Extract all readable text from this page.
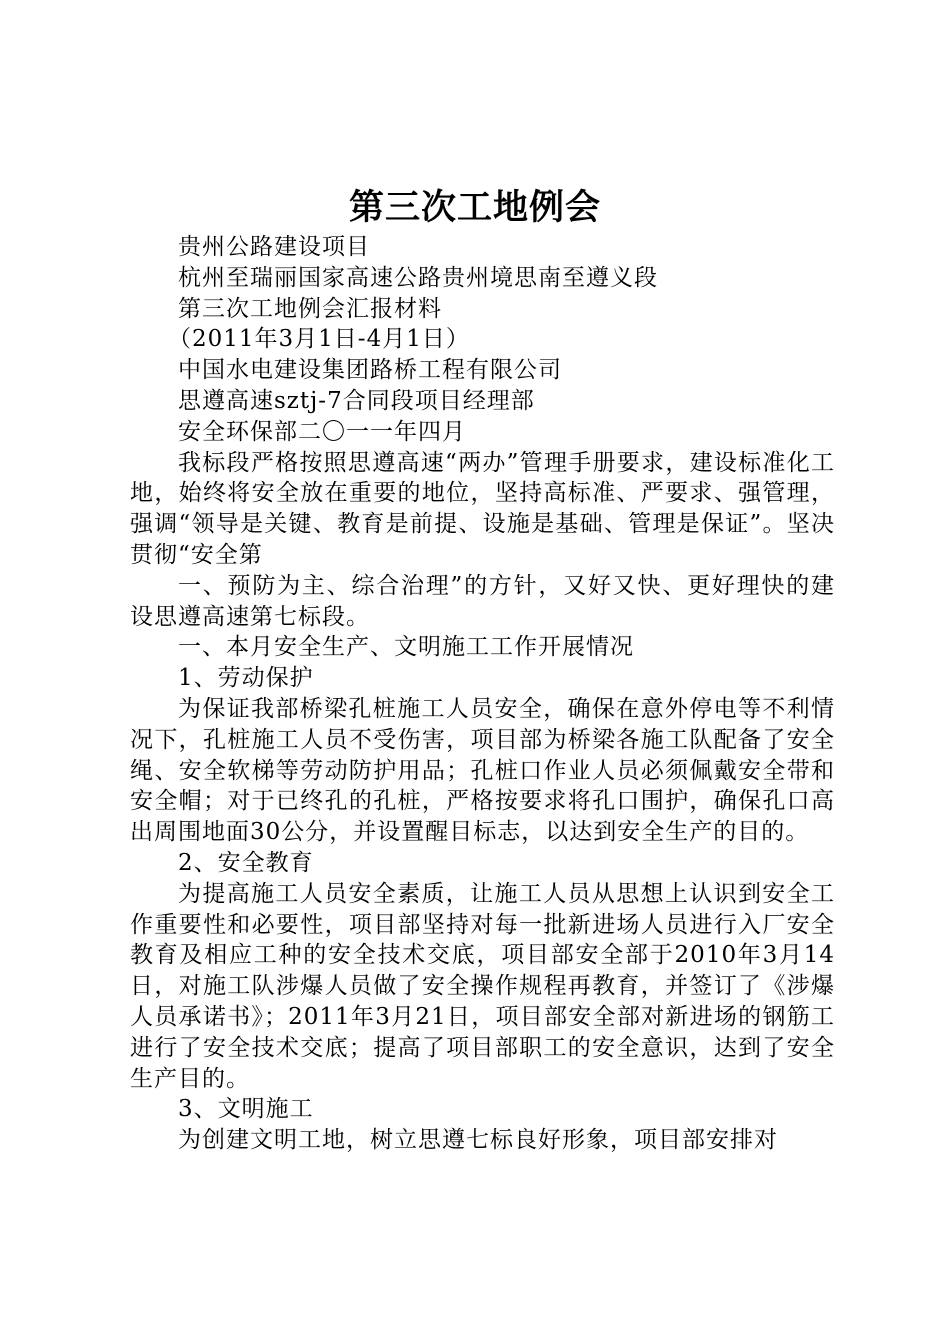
第三次工地例会

贵州公路建设项目

杭州至瑞丽国家高速公路贵州境思南至遵义段

第三次工地例会汇报材料

（2011年3月1日-4月1日）

中国水电建设集团路桥工程有限公司

思遵高速sztj-7合同段项目经理部

安全环保部二〇一一年四月

我标段严格按照思遵高速“两办”管理手册要求，建设标准化工地，始终将安全放在重要的地位，坚持高标准、严要求、强管理，强调“领导是关键、教育是前提、设施是基础、管理是保证”。坚决贯彻“安全第

一、预防为主、综合治理”的方针，又好又快、更好理快的建设思遵高速第七标段。

一、本月安全生产、文明施工工作开展情况

1、劳动保护

为保证我部桥梁孔桩施工人员安全，确保在意外停电等不利情况下，孔桩施工人员不受伤害，项目部为桥梁各施工队配备了安全绳、安全软梯等劳动防护用品；孔桩口作业人员必须佩戴安全带和安全帽；对于已终孔的孔桩，严格按要求将孔口围护，确保孔口高出周围地面30公分，并设置醒目标志，以达到安全生产的目的。

2、安全教育

为提高施工人员安全素质，让施工人员从思想上认识到安全工作重要性和必要性，项目部坚持对每一批新进场人员进行入厂安全教育及相应工种的安全技术交底，项目部安全部于2010年3月14日，对施工队涉爆人员做了安全操作规程再教育，并签订了《涉爆人员承诺书》；2011年3月21日，项目部安全部对新进场的钢筋工进行了安全技术交底；提高了项目部职工的安全意识，达到了安全生产目的。

3、文明施工

为创建文明工地，树立思遵七标良好形象，项目部安排对
